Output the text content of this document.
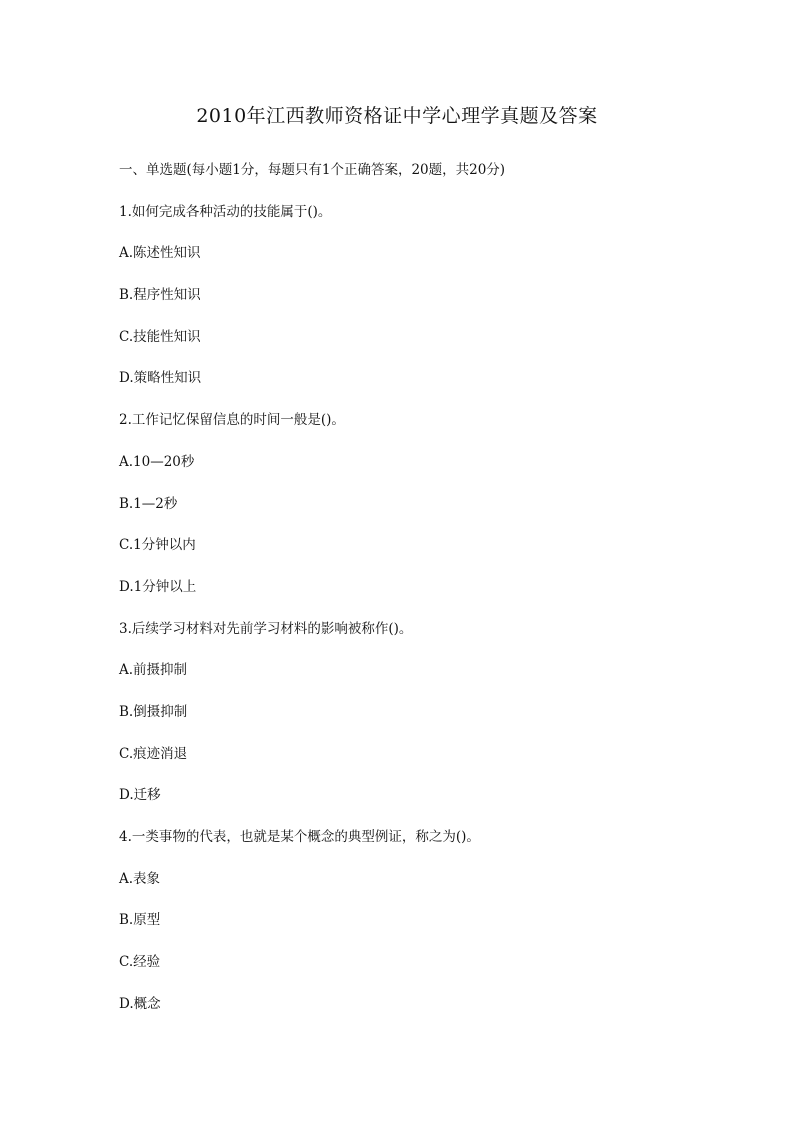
2010年江西教师资格证中学心理学真题及答案
一、单选题(每小题1分，每题只有1个正确答案，20题，共20分)
1.如何完成各种活动的技能属于()。
A.陈述性知识
B.程序性知识
C.技能性知识
D.策略性知识
2.工作记忆保留信息的时间一般是()。
A.10—20秒
B.1—2秒
C.1分钟以内
D.1分钟以上
3.后续学习材料对先前学习材料的影响被称作()。
A.前摄抑制
B.倒摄抑制
C.痕迹消退
D.迁移
4.一类事物的代表，也就是某个概念的典型例证，称之为()。
A.表象
B.原型
C.经验
D.概念
